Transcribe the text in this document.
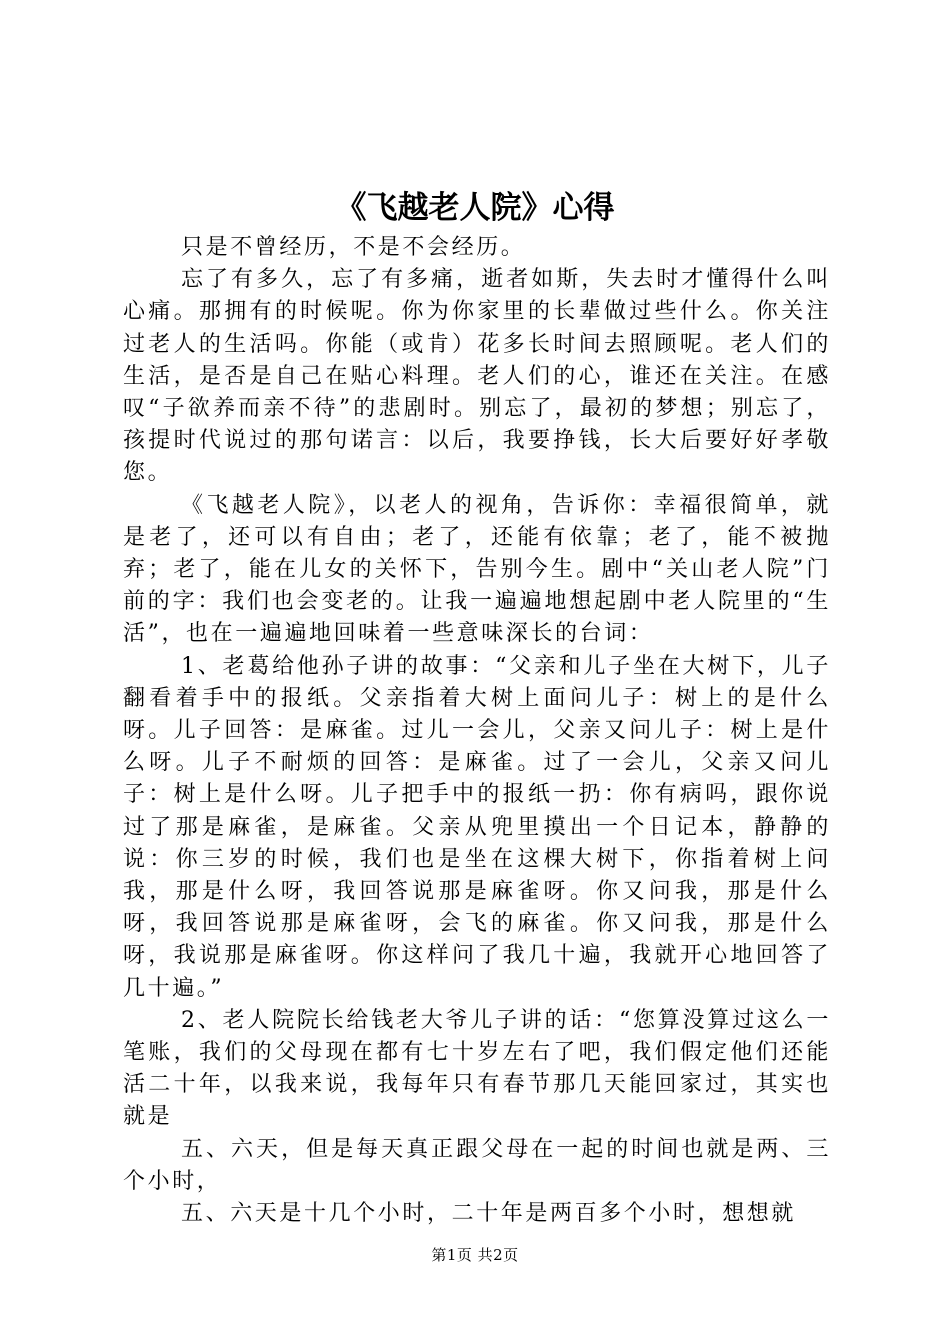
《飞越老人院》心得

只是不曾经历，不是不会经历。

忘了有多久，忘了有多痛，逝者如斯，失去时才懂得什么叫心痛。那拥有的时候呢。你为你家里的长辈做过些什么。你关注过老人的生活吗。你能（或肯）花多长时间去照顾呢。老人们的生活，是否是自己在贴心料理。老人们的心，谁还在关注。在感叹“子欲养而亲不待”的悲剧时。别忘了，最初的梦想；别忘了，孩提时代说过的那句诺言：以后，我要挣钱，长大后要好好孝敬您。

《飞越老人院》，以老人的视角，告诉你：幸福很简单，就是老了，还可以有自由；老了，还能有依靠；老了，能不被抛弃；老了，能在儿女的关怀下，告别今生。剧中“关山老人院”门前的字：我们也会变老的。让我一遍遍地想起剧中老人院里的“生活”，也在一遍遍地回味着一些意味深长的台词：

1、老葛给他孙子讲的故事：“父亲和儿子坐在大树下，儿子翻看着手中的报纸。父亲指着大树上面问儿子：树上的是什么呀。儿子回答：是麻雀。过儿一会儿，父亲又问儿子：树上是什么呀。儿子不耐烦的回答：是麻雀。过了一会儿，父亲又问儿子：树上是什么呀。儿子把手中的报纸一扔：你有病吗，跟你说过了那是麻雀，是麻雀。父亲从兜里摸出一个日记本，静静的说：你三岁的时候，我们也是坐在这棵大树下，你指着树上问我，那是什么呀，我回答说那是麻雀呀。你又问我，那是什么呀，我回答说那是麻雀呀，会飞的麻雀。你又问我，那是什么呀，我说那是麻雀呀。你这样问了我几十遍，我就开心地回答了几十遍。”

2、老人院院长给钱老大爷儿子讲的话：“您算没算过这么一笔账，我们的父母现在都有七十岁左右了吧，我们假定他们还能活二十年，以我来说，我每年只有春节那几天能回家过，其实也就是

五、六天，但是每天真正跟父母在一起的时间也就是两、三个小时，

五、六天是十几个小时，二十年是两百多个小时，想想就

第1页 共2页
